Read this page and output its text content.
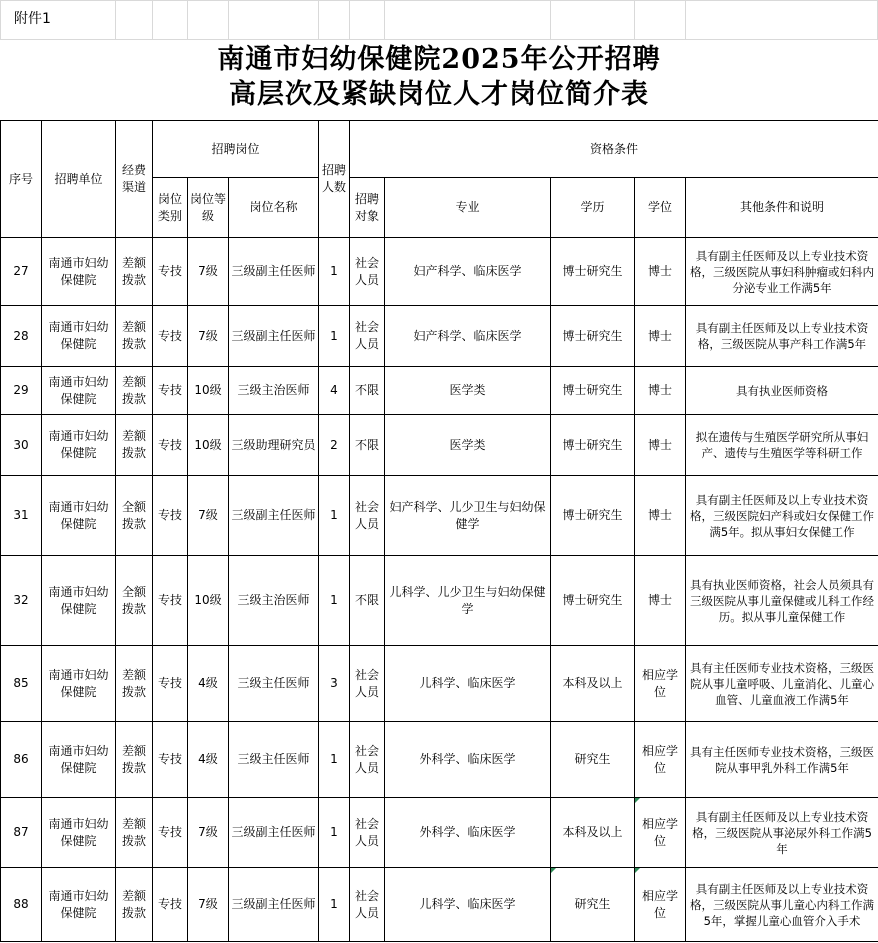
附件1
南通市妇幼保健院2025年公开招聘
高层次及紧缺岗位人才岗位简介表
序号	招聘单位	经费渠道	招聘岗位			招聘人数	资格条件				
			岗位类别	岗位等级	岗位名称		招聘对象	专业	学历	学位	其他条件和说明
27	南通市妇幼保健院	差额拨款	专技	7级	三级副主任医师	1	社会人员	妇产科学、临床医学	博士研究生	博士	具有副主任医师及以上专业技术资格，三级医院从事妇科肿瘤或妇科内分泌专业工作满5年
28	南通市妇幼保健院	差额拨款	专技	7级	三级副主任医师	1	社会人员	妇产科学、临床医学	博士研究生	博士	具有副主任医师及以上专业技术资格，三级医院从事产科工作满5年
29	南通市妇幼保健院	差额拨款	专技	10级	三级主治医师	4	不限	医学类	博士研究生	博士	具有执业医师资格
30	南通市妇幼保健院	差额拨款	专技	10级	三级助理研究员	2	不限	医学类	博士研究生	博士	拟在遗传与生殖医学研究所从事妇产、遗传与生殖医学等科研工作
31	南通市妇幼保健院	全额拨款	专技	7级	三级副主任医师	1	社会人员	妇产科学、儿少卫生与妇幼保健学	博士研究生	博士	具有副主任医师及以上专业技术资格，三级医院妇产科或妇女保健工作满5年。拟从事妇女保健工作
32	南通市妇幼保健院	全额拨款	专技	10级	三级主治医师	1	不限	儿科学、儿少卫生与妇幼保健学	博士研究生	博士	具有执业医师资格，社会人员须具有三级医院从事儿童保健或儿科工作经历。拟从事儿童保健工作
85	南通市妇幼保健院	差额拨款	专技	4级	三级主任医师	3	社会人员	儿科学、临床医学	本科及以上	相应学位	具有主任医师专业技术资格，三级医院从事儿童呼吸、儿童消化、儿童心血管、儿童血液工作满5年
86	南通市妇幼保健院	差额拨款	专技	4级	三级主任医师	1	社会人员	外科学、临床医学	研究生	相应学位	具有主任医师专业技术资格，三级医院从事甲乳外科工作满5年
87	南通市妇幼保健院	差额拨款	专技	7级	三级副主任医师	1	社会人员	外科学、临床医学	本科及以上	相应学位	具有副主任医师及以上专业技术资格，三级医院从事泌尿外科工作满5年
88	南通市妇幼保健院	差额拨款	专技	7级	三级副主任医师	1	社会人员	儿科学、临床医学	研究生	相应学位	具有副主任医师及以上专业技术资格，三级医院从事儿童心内科工作满5年，掌握儿童心血管介入手术
